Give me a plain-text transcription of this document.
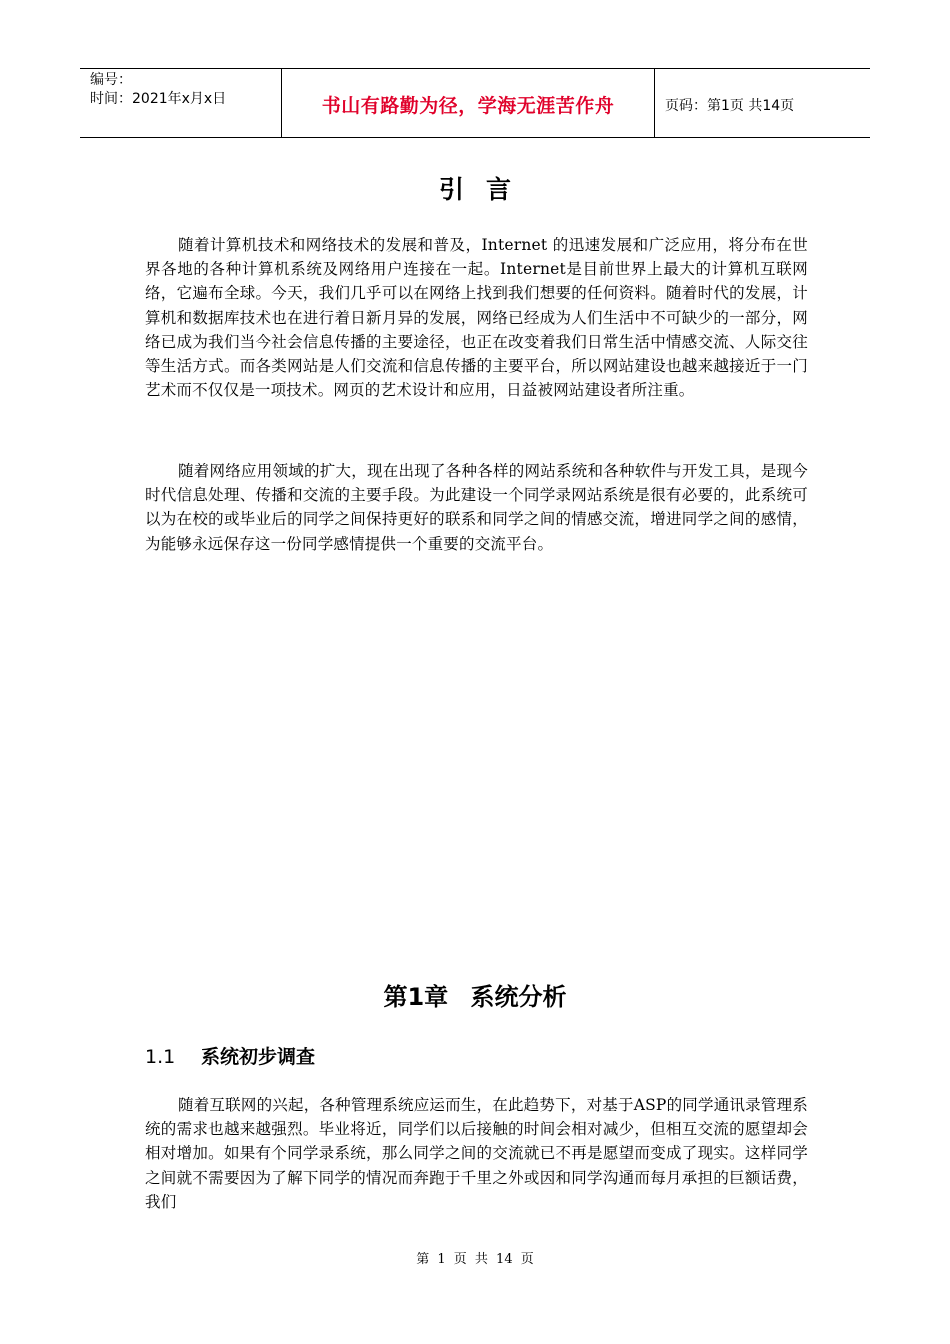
编号：
时间：2021年x月x日	书山有路勤为径，学海无涯苦作舟	页码：第1页 共14页
引言
随着计算机技术和网络技术的发展和普及，Internet 的迅速发展和广泛应用，将分布在世界各地的各种计算机系统及网络用户连接在一起。Internet是目前世界上最大的计算机互联网络，它遍布全球。今天，我们几乎可以在网络上找到我们想要的任何资料。随着时代的发展，计算机和数据库技术也在进行着日新月异的发展，网络已经成为人们生活中不可缺少的一部分，网络已成为我们当今社会信息传播的主要途径，也正在改变着我们日常生活中情感交流、人际交往等生活方式。而各类网站是人们交流和信息传播的主要平台，所以网站建设也越来越接近于一门艺术而不仅仅是一项技术。网页的艺术设计和应用，日益被网站建设者所注重。
随着网络应用领域的扩大，现在出现了各种各样的网站系统和各种软件与开发工具，是现今时代信息处理、传播和交流的主要手段。为此建设一个同学录网站系统是很有必要的，此系统可以为在校的或毕业后的同学之间保持更好的联系和同学之间的情感交流，增进同学之间的感情，为能够永远保存这一份同学感情提供一个重要的交流平台。
第1章 系统分析
1.1 系统初步调查
随着互联网的兴起，各种管理系统应运而生，在此趋势下，对基于ASP的同学通讯录管理系统的需求也越来越强烈。毕业将近，同学们以后接触的时间会相对减少，但相互交流的愿望却会相对增加。如果有个同学录系统，那么同学之间的交流就已不再是愿望而变成了现实。这样同学之间就不需要因为了解下同学的情况而奔跑于千里之外或因和同学沟通而每月承担的巨额话费，我们
第 1 页 共 14 页
